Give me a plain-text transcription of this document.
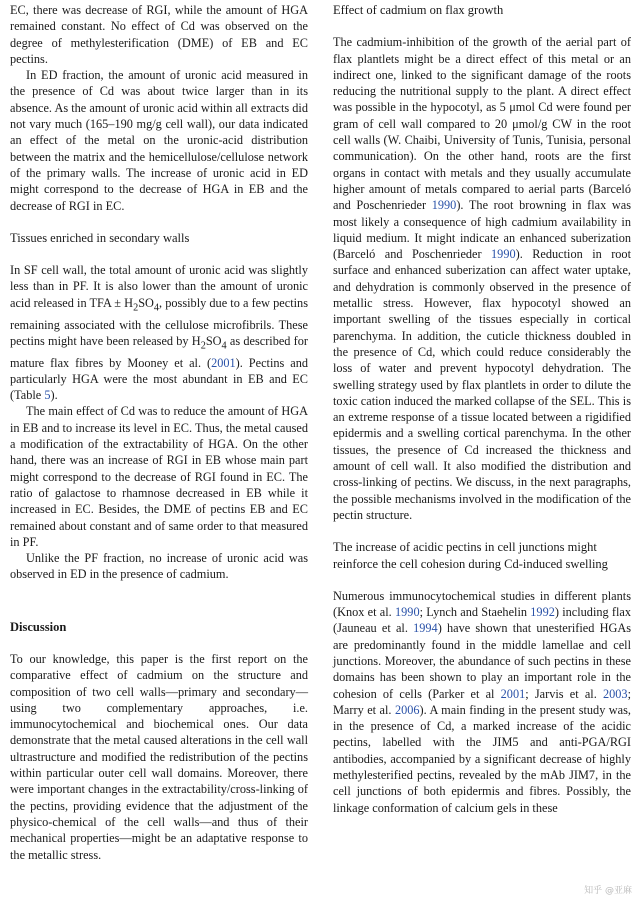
EC, there was decrease of RGI, while the amount of HGA remained constant. No effect of Cd was observed on the degree of methylesterification (DME) of EB and EC pectins.

In ED fraction, the amount of uronic acid measured in the presence of Cd was about twice larger than in its absence. As the amount of uronic acid within all extracts did not vary much (165–190 mg/g cell wall), our data indicated an effect of the metal on the uronic-acid distribution between the matrix and the hemicellulose/cellulose network of the primary walls. The increase of uronic acid in ED might correspond to the decrease of HGA in EB and the decrease of RGI in EC.

Tissues enriched in secondary walls

In SF cell wall, the total amount of uronic acid was slightly less than in PF. It is also lower than the amount of uronic acid released in TFA ± $H_2SO_4$, possibly due to a few pectins remaining associated with the cellulose microfibrils. These pectins might have been released by $H_2SO_4$ as described for mature flax fibres by Mooney et al. (2001). Pectins and particularly HGA were the most abundant in EB and EC (Table 5).

The main effect of Cd was to reduce the amount of HGA in EB and to increase its level in EC. Thus, the metal caused a modification of the extractability of HGA. On the other hand, there was an increase of RGI in EB whose main part might correspond to the decrease of RGI found in EC. The ratio of galactose to rhamnose decreased in EB while it increased in EC. Besides, the DME of pectins EB and EC remained about constant and of same order to that measured in PF.

Unlike the PF fraction, no increase of uronic acid was observed in ED in the presence of cadmium.

Discussion

To our knowledge, this paper is the first report on the comparative effect of cadmium on the structure and composition of two cell walls—primary and secondary—using two complementary approaches, i.e. immunocytochemical and biochemical ones. Our data demonstrate that the metal caused alterations in the cell wall ultrastructure and modified the redistribution of the pectins within particular outer cell wall domains. Moreover, there were important changes in the extractability/cross-linking of the pectins, providing evidence that the adjustment of the physico-chemical of the cell walls—and thus of their mechanical properties—might be an adaptative response to the metallic stress.

Effect of cadmium on flax growth

The cadmium-inhibition of the growth of the aerial part of flax plantlets might be a direct effect of this metal or an indirect one, linked to the significant damage of the roots reducing the nutritional supply to the plant. A direct effect was possible in the hypocotyl, as 5 μmol Cd were found per gram of cell wall compared to 20 μmol/g CW in the root cell walls (W. Chaibi, University of Tunis, Tunisia, personal communication). On the other hand, roots are the first organs in contact with metals and they usually accumulate higher amount of metals compared to aerial parts (Barceló and Poschenrieder 1990). The root browning in flax was most likely a consequence of high cadmium availability in liquid medium. It might indicate an enhanced suberization (Barceló and Poschenrieder 1990). Reduction in root surface and enhanced suberization can affect water uptake, and dehydration is commonly observed in the presence of metallic stress. However, flax hypocotyl showed an important swelling of the tissues especially in cortical parenchyma. In addition, the cuticle thickness doubled in the presence of Cd, which could reduce considerably the loss of water and prevent hypocotyl dehydration. The swelling strategy used by flax plantlets in order to dilute the toxic cation induced the marked collapse of the SEL. This is an extreme response of a tissue located between a rigidified epidermis and a swelling cortical parenchyma. In the other tissues, the presence of Cd increased the thickness and amount of cell wall. It also modified the distribution and cross-linking of pectins. We discuss, in the next paragraphs, the possible mechanisms involved in the modification of the pectin structure.

The increase of acidic pectins in cell junctions might reinforce the cell cohesion during Cd-induced swelling

Numerous immunocytochemical studies in different plants (Knox et al. 1990; Lynch and Staehelin 1992) including flax (Jauneau et al. 1994) have shown that unesterified HGAs are predominantly found in the middle lamellae and cell junctions. Moreover, the abundance of such pectins in these domains has been shown to play an important role in the cohesion of cells (Parker et al 2001; Jarvis et al. 2003; Marry et al. 2006). A main finding in the present study was, in the presence of Cd, a marked increase of the acidic pectins, labelled with the JIM5 and anti-PGA/RGI antibodies, accompanied by a significant decrease of highly methylesterified pectins, revealed by the mAb JIM7, in the cell junctions of both epidermis and fibres. Possibly, the linkage conformation of calcium gels in these

知乎 @亚麻
